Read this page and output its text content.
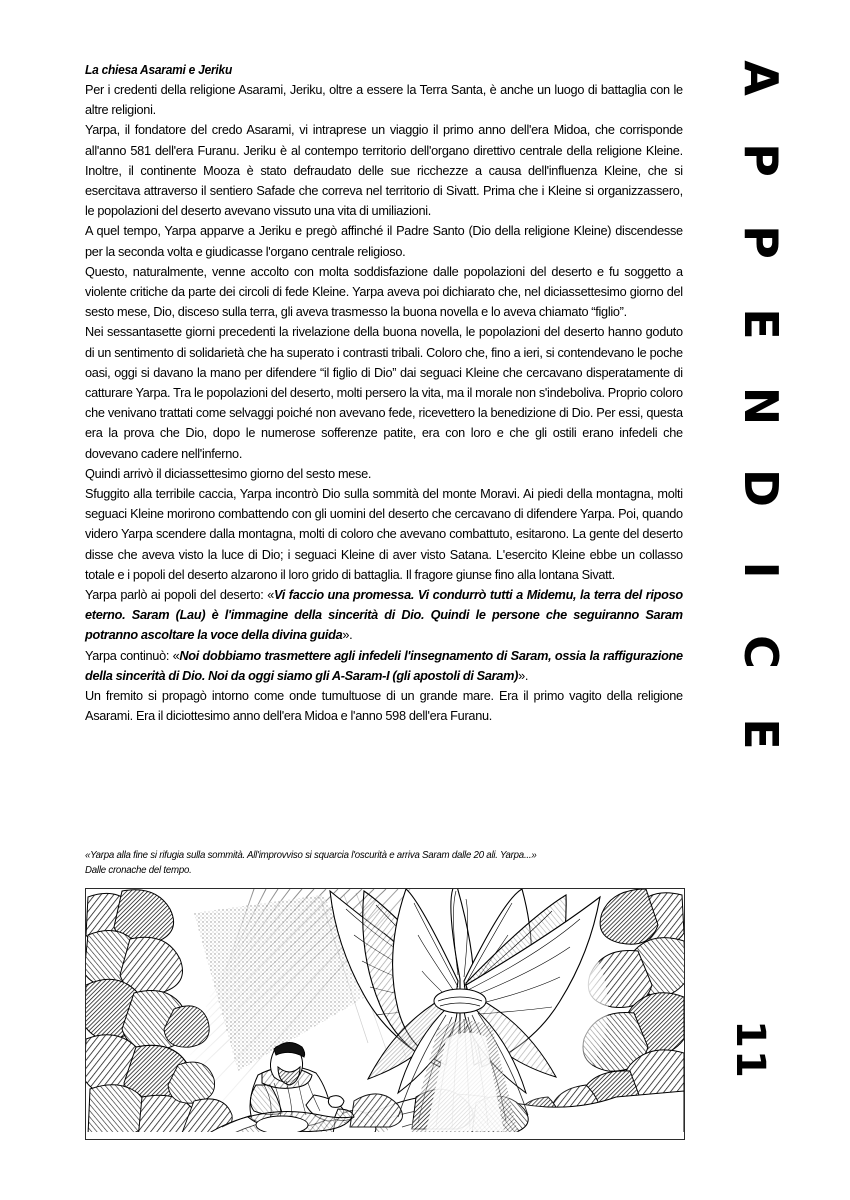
La chiesa Asarami e Jeriku

Per i credenti della religione Asarami, Jeriku, oltre a essere la Terra Santa, è anche un luogo di battaglia con le altre religioni.

Yarpa, il fondatore del credo Asarami, vi intraprese un viaggio il primo anno dell'era Midoa, che corrisponde all'anno 581 dell'era Furanu. Jeriku è al contempo territorio dell'organo direttivo centrale della religione Kleine. Inoltre, il continente Mooza è stato defraudato delle sue ricchezze a causa dell'influenza Kleine, che si esercitava attraverso il sentiero Safade che correva nel territorio di Sivatt. Prima che i Kleine si organizzassero, le popolazioni del deserto avevano vissuto una vita di umiliazioni.

A quel tempo, Yarpa apparve a Jeriku e pregò affinché il Padre Santo (Dio della religione Kleine) discendesse per la seconda volta e giudicasse l'organo centrale religioso.

Questo, naturalmente, venne accolto con molta soddisfazione dalle popolazioni del deserto e fu soggetto a violente critiche da parte dei circoli di fede Kleine. Yarpa aveva poi dichiarato che, nel diciassettesimo giorno del sesto mese, Dio, disceso sulla terra, gli aveva trasmesso la buona novella e lo aveva chiamato “figlio”.

Nei sessantasette giorni precedenti la rivelazione della buona novella, le popolazioni del deserto hanno goduto di un sentimento di solidarietà che ha superato i contrasti tribali. Coloro che, fino a ieri, si contendevano le poche oasi, oggi si davano la mano per difendere “il figlio di Dio” dai seguaci Kleine che cercavano disperatamente di catturare Yarpa. Tra le popolazioni del deserto, molti persero la vita, ma il morale non s'indeboliva. Proprio coloro che venivano trattati come selvaggi poiché non avevano fede, ricevettero la benedizione di Dio. Per essi, questa era la prova che Dio, dopo le numerose sofferenze patite, era con loro e che gli ostili erano infedeli che dovevano cadere nell'inferno.

Quindi arrivò il diciassettesimo giorno del sesto mese.

Sfuggito alla terribile caccia, Yarpa incontrò Dio sulla sommità del monte Moravi. Ai piedi della montagna, molti seguaci Kleine morirono combattendo con gli uomini del deserto che cercavano di difendere Yarpa. Poi, quando videro Yarpa scendere dalla montagna, molti di coloro che avevano combattuto, esitarono. La gente del deserto disse che aveva visto la luce di Dio; i seguaci Kleine di aver visto Satana. L'esercito Kleine ebbe un collasso totale e i popoli del deserto alzarono il loro grido di battaglia. Il fragore giunse fino alla lontana Sivatt.

Yarpa parlò ai popoli del deserto: «Vi faccio una promessa. Vi condurrò tutti a Midemu, la terra del riposo eterno. Saram (Lau) è l'immagine della sincerità di Dio. Quindi le persone che seguiranno Saram potranno ascoltare la voce della divina guida».

Yarpa continuò: «Noi dobbiamo trasmettere agli infedeli l'insegnamento di Saram, ossia la raffigurazione della sincerità di Dio. Noi da oggi siamo gli A-Saram-I (gli apostoli di Saram)».

Un fremito si propagò intorno come onde tumultuose di un grande mare. Era il primo vagito della religione Asarami. Era il diciottesimo anno dell'era Midoa e l'anno 598 dell'era Furanu.

«Yarpa alla fine si rifugia sulla sommità. All'improvviso si squarcia l'oscurità e arriva Saram dalle 20 ali. Yarpa...»

Dalle cronache del tempo.

A
P
P
E
N
D
I
C
E
11
